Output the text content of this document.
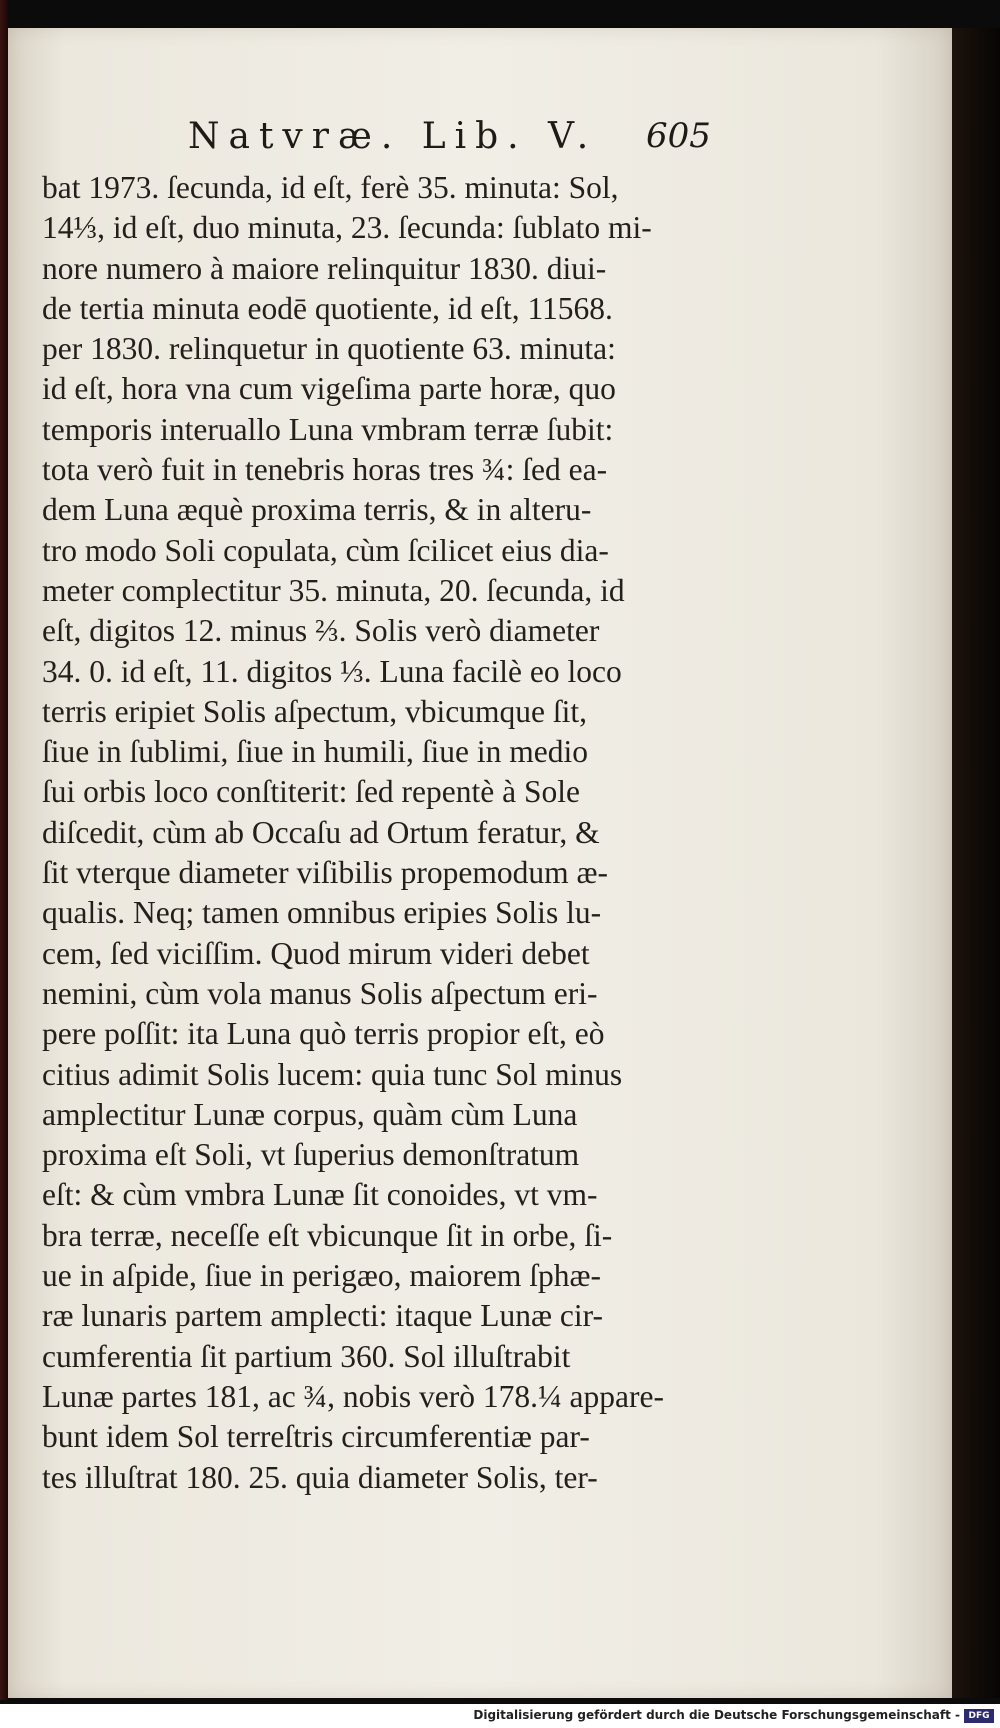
Natvræ. Lib. V. 605
bat 1973. ſecunda, id eſt, ferè 35. minuta: Sol,
14⅓, id eſt, duo minuta, 23. ſecunda: ſublato mi-
nore numero à maiore relinquitur 1830. diui-
de tertia minuta eodē quotiente, id eſt, 11568.
per 1830. relinquetur in quotiente 63. minuta:
id eſt, hora vna cum vigeſima parte horæ, quo
temporis interuallo Luna vmbram terræ ſubit:
tota verò fuit in tenebris horas tres ¾: ſed ea-
dem Luna æquè proxima terris, & in alteru-
tro modo Soli copulata, cùm ſcilicet eius dia-
meter complectitur 35. minuta, 20. ſecunda, id
eſt, digitos 12. minus ⅔. Solis verò diameter
34. 0. id eſt, 11. digitos ⅓. Luna facilè eo loco
terris eripiet Solis aſpectum, vbicumque ſit,
ſiue in ſublimi, ſiue in humili, ſiue in medio
ſui orbis loco conſtiterit: ſed repentè à Sole
diſcedit, cùm ab Occaſu ad Ortum feratur, &
ſit vterque diameter viſibilis propemodum æ-
qualis. Neq; tamen omnibus eripies Solis lu-
cem, ſed viciſſim. Quod mirum videri debet
nemini, cùm vola manus Solis aſpectum eri-
pere poſſit: ita Luna quò terris propior eſt, eò
citius adimit Solis lucem: quia tunc Sol minus
amplectitur Lunæ corpus, quàm cùm Luna
proxima eſt Soli, vt ſuperius demonſtratum
eſt: & cùm vmbra Lunæ ſit conoides, vt vm-
bra terræ, neceſſe eſt vbicunque ſit in orbe, ſi-
ue in aſpide, ſiue in perigæo, maiorem ſphæ-
ræ lunaris partem amplecti: itaque Lunæ cir-
cumferentia ſit partium 360. Sol illuſtrabit
Lunæ partes 181, ac ¾, nobis verò 178.¼ appare-
bunt idem Sol terreſtris circumferentiæ par-
tes illuſtrat 180. 25. quia diameter Solis, ter-
Digitalisierung gefördert durch die Deutsche Forschungsgemeinschaft - DFG
